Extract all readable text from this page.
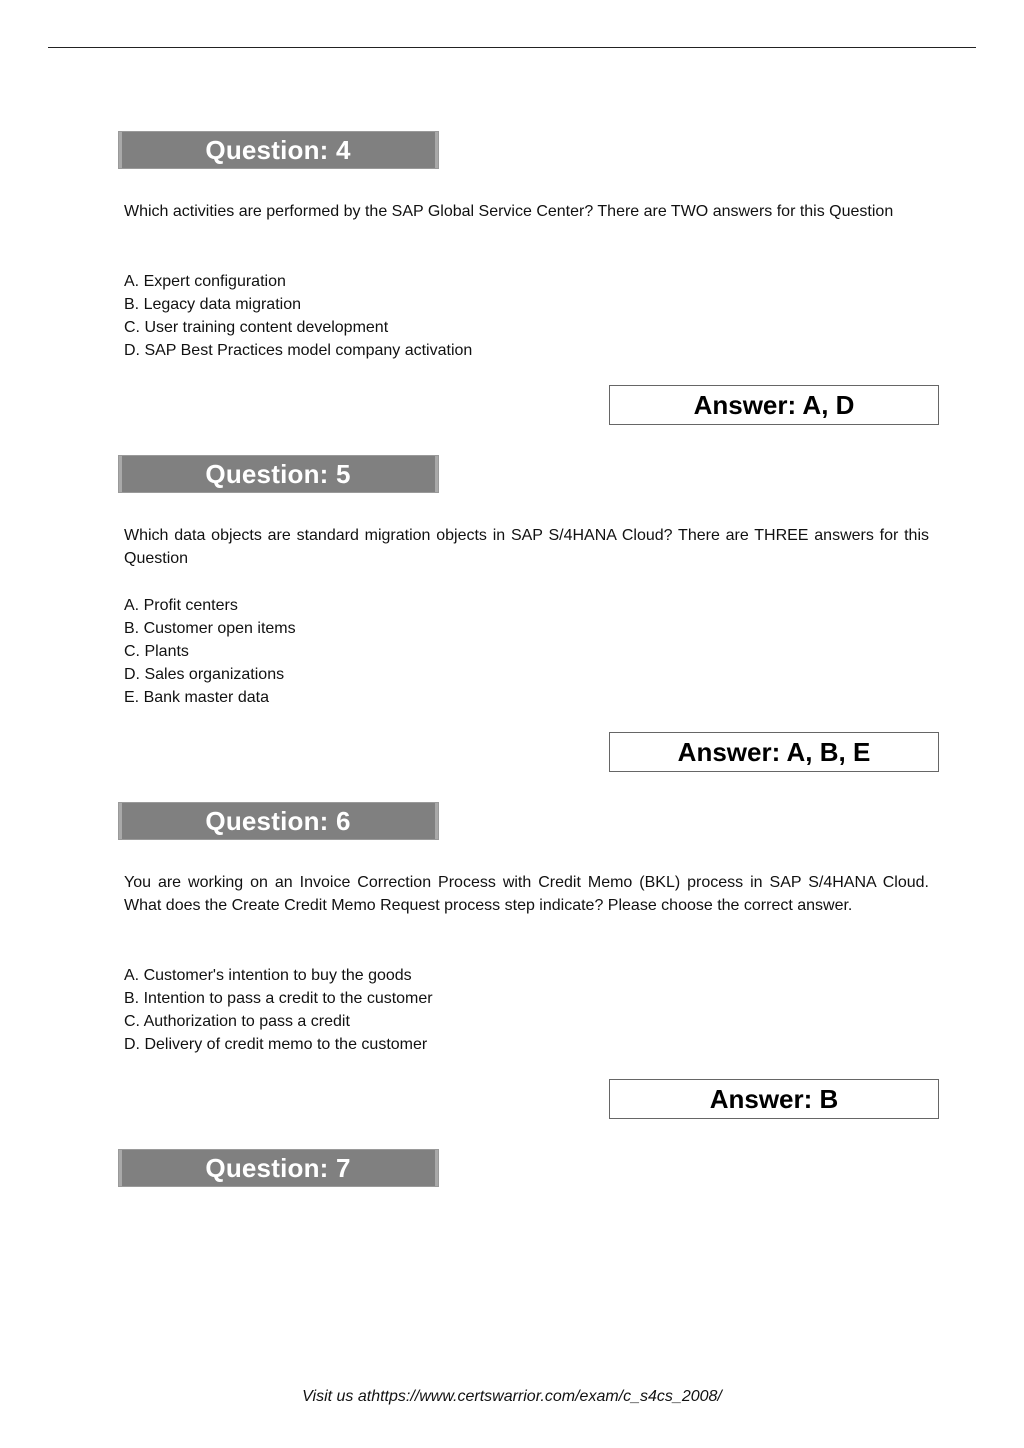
Question: 4

Which activities are performed by the SAP Global Service Center? There are TWO answers for this Question

A. Expert configuration
B. Legacy data migration
C. User training content development
D. SAP Best Practices model company activation
Answer: A, D
Question: 5

Which data objects are standard migration objects in SAP S/4HANA Cloud? There are THREE answers for this Question

A. Profit centers
B. Customer open items
C. Plants
D. Sales organizations
E. Bank master data
Answer: A, B, E
Question: 6

You are working on an Invoice Correction Process with Credit Memo (BKL) process in SAP S/4HANA Cloud. What does the Create Credit Memo Request process step indicate? Please choose the correct answer.

A. Customer's intention to buy the goods
B. Intention to pass a credit to the customer
C. Authorization to pass a credit
D. Delivery of credit memo to the customer
Answer: B
Question: 7
Visit us athttps://www.certswarrior.com/exam/c_s4cs_2008/
